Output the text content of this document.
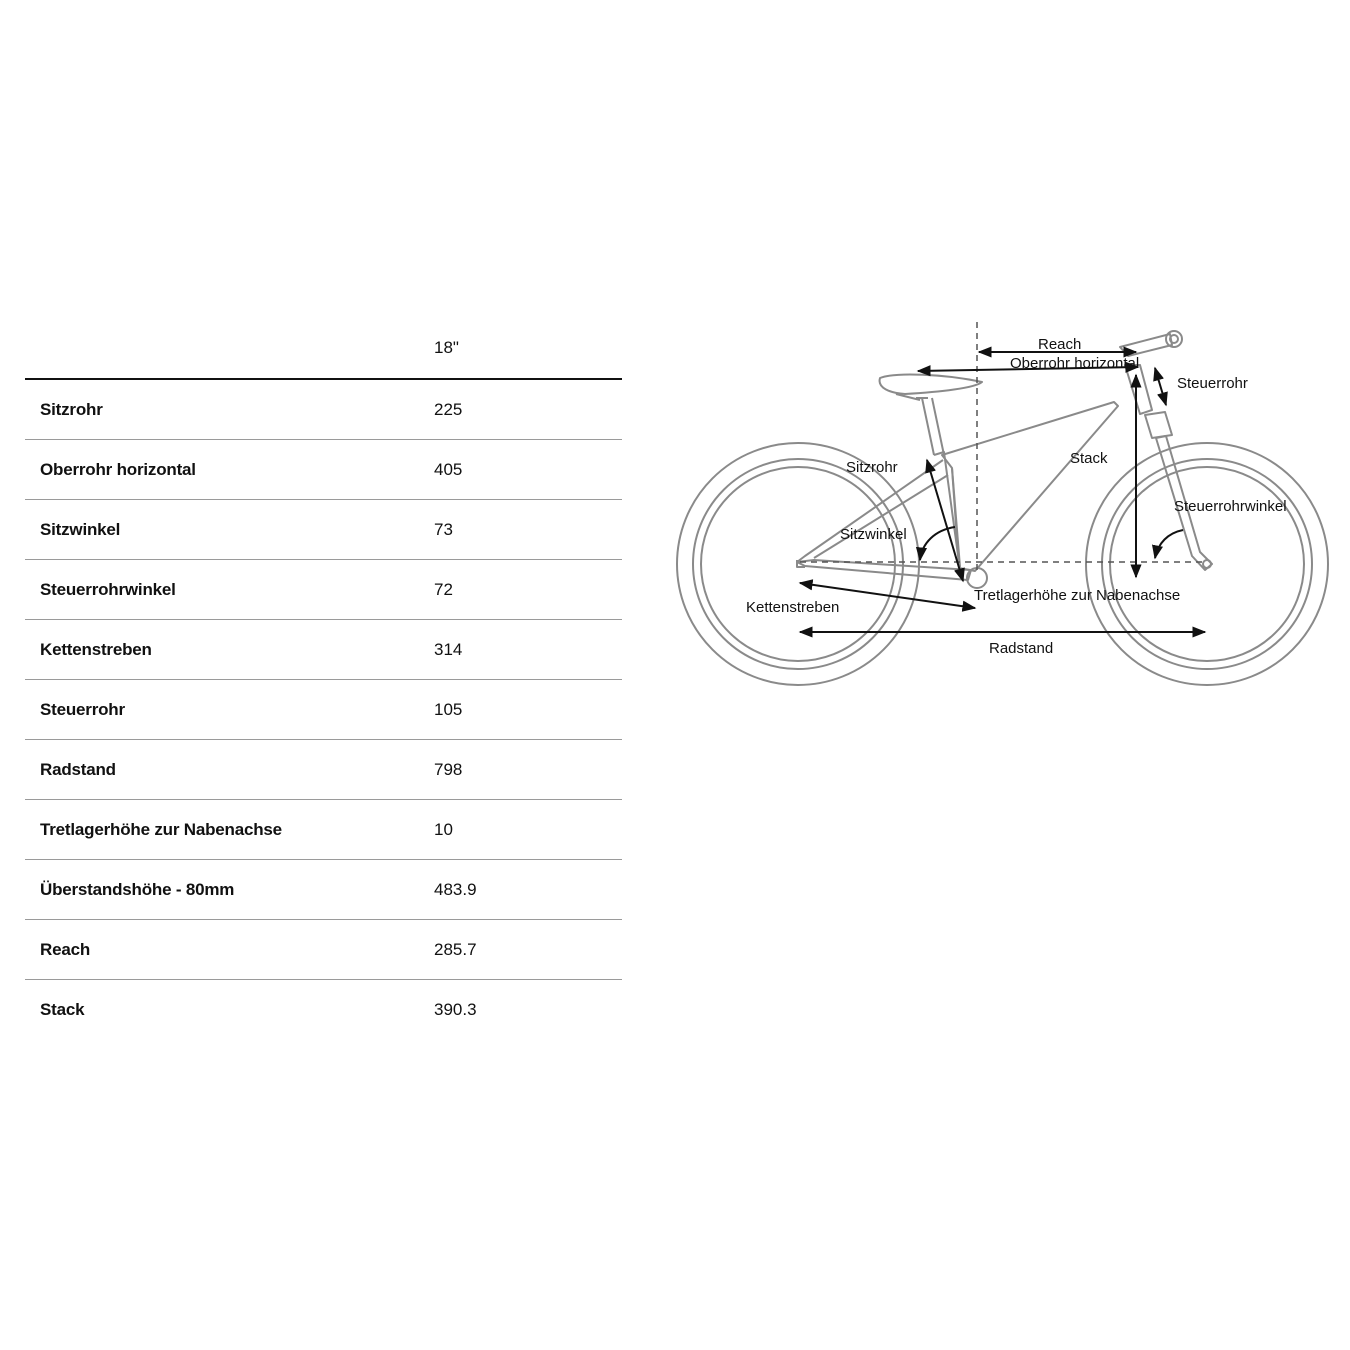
18"	
Sitzrohr	225
Oberrohr horizontal	405
Sitzwinkel	73
Steuerrohrwinkel	72
Kettenstreben	314
Steuerrohr	105
Radstand	798
Tretlagerhöhe zur Nabenachse	10
Überstandshöhe - 80mm	483.9
Reach	285.7
Stack	390.3
Reach
Oberrohr horizontal
Steuerrohr
Sitzrohr
Stack
Steuerrohrwinkel
Sitzwinkel
Tretlagerhöhe zur Nabenachse
Kettenstreben
Radstand
